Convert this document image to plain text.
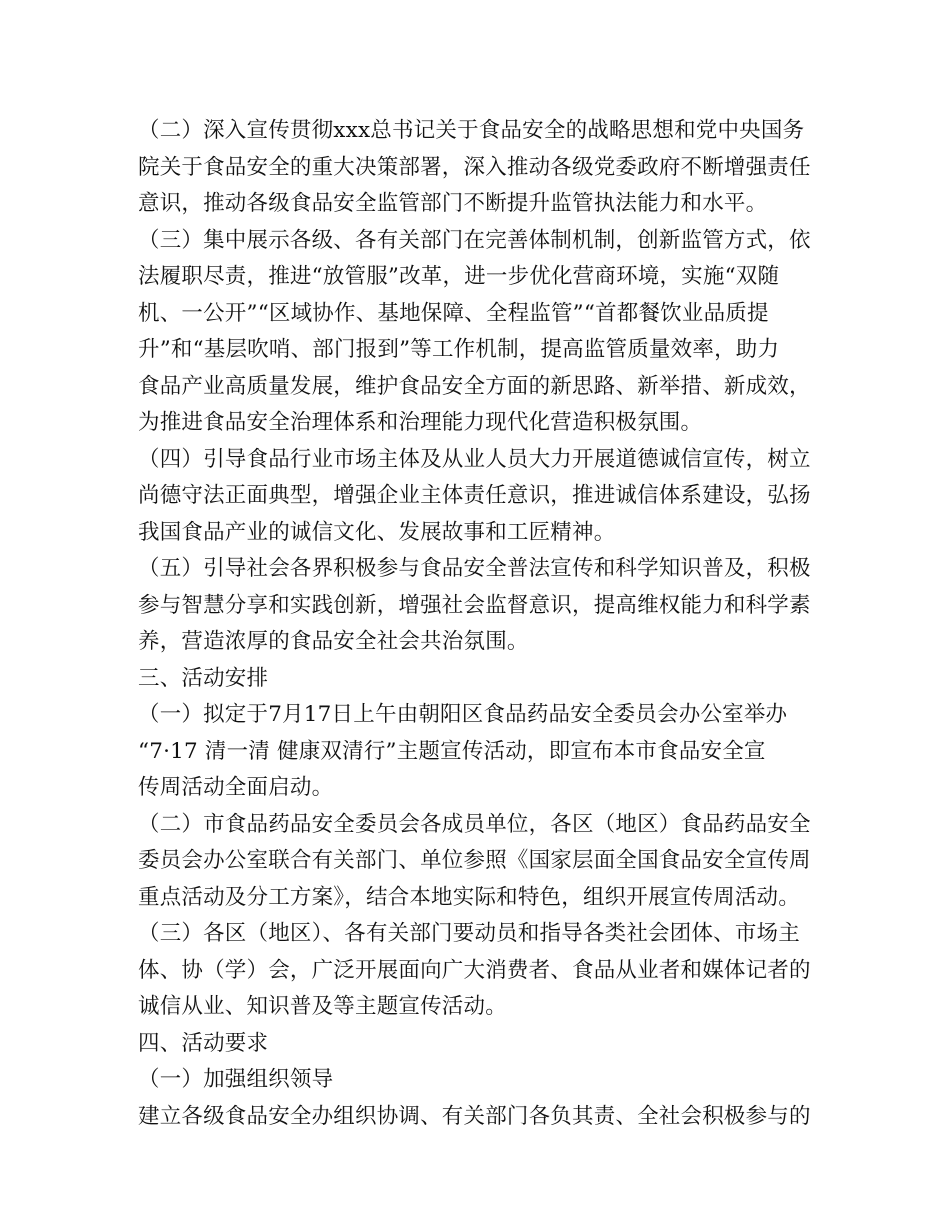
（二）深入宣传贯彻xxx总书记关于食品安全的战略思想和党中央国务
院关于食品安全的重大决策部署，深入推动各级党委政府不断增强责任
意识，推动各级食品安全监管部门不断提升监管执法能力和水平。
（三）集中展示各级、各有关部门在完善体制机制，创新监管方式，依
法履职尽责，推进“放管服”改革，进一步优化营商环境，实施“双随
机、一公开”“区域协作、基地保障、全程监管”“首都餐饮业品质提
升”和“基层吹哨、部门报到”等工作机制，提高监管质量效率，助力
食品产业高质量发展，维护食品安全方面的新思路、新举措、新成效，
为推进食品安全治理体系和治理能力现代化营造积极氛围。
（四）引导食品行业市场主体及从业人员大力开展道德诚信宣传，树立
尚德守法正面典型，增强企业主体责任意识，推进诚信体系建设，弘扬
我国食品产业的诚信文化、发展故事和工匠精神。
（五）引导社会各界积极参与食品安全普法宣传和科学知识普及，积极
参与智慧分享和实践创新，增强社会监督意识，提高维权能力和科学素
养，营造浓厚的食品安全社会共治氛围。
三、活动安排
（一）拟定于7月17日上午由朝阳区食品药品安全委员会办公室举办
“7·17 清一清 健康双清行”主题宣传活动，即宣布本市食品安全宣
传周活动全面启动。
（二）市食品药品安全委员会各成员单位，各区（地区）食品药品安全
委员会办公室联合有关部门、单位参照《国家层面全国食品安全宣传周
重点活动及分工方案》，结合本地实际和特色，组织开展宣传周活动。
（三）各区（地区）、各有关部门要动员和指导各类社会团体、市场主
体、协（学）会，广泛开展面向广大消费者、食品从业者和媒体记者的
诚信从业、知识普及等主题宣传活动。
四、活动要求
（一）加强组织领导
建立各级食品安全办组织协调、有关部门各负其责、全社会积极参与的
